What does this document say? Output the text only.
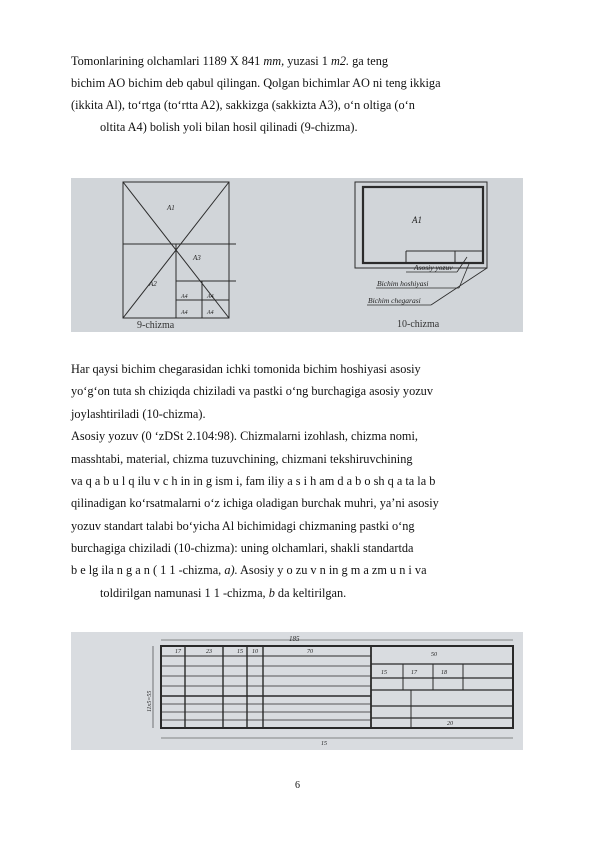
Tomonlarining olchamlari 1189 X 841 mm, yuzasi 1 m2. ga teng
bichim AO bichim deb qabul qilingan. Qolgan bichimlar AO ni teng ikkiga
(ikkita Al), to‘rtga (to‘rtta A2), sakkizga (sakkizta A3), o‘n oltiga (o‘n
oltita A4) bolish yoli bilan hosil qilinadi (9-chizma).
A1
A2
A3
A4	A4
A4	A4
9-chizma
A1
Asosiy yozuv
Bichim hoshiyasi
Bichim chegarasi
10-chizma
Har qaysi bichim chegarasidan ichki tomonida bichim hoshiyasi asosiy
yo‘g‘on tuta sh chiziqda chiziladi va pastki o‘ng burchagiga asosiy yozuv
joylashtiriladi (10-chizma).
Asosiy yozuv (0 ‘zDSt 2.104:98). Chizmalarni izohlash, chizma nomi,
masshtabi, material, chizma tuzuvchining, chizmani tekshiruvchining
va q a b u l q ilu v c h in in g ism i, fam iliy a s i h am d a b o sh q a ta la b
qilinadigan ko‘rsatmalarni o‘z ichiga oladigan burchak muhri, ya’ni asosiy
yozuv standart talabi bo‘yicha Al bichimidagi chizmaning pastki o‘ng
burchagiga chiziladi (10-chizma): uning olchamlari, shakli standartda
b e lg ila n g a n ( 1 1 -chizma, a). Asosiy y o zu v n in g m a zm u n i va
toldirilgan namunasi 1 1 -chizma, b da keltirilgan.
185
17	23	15 10	70	50
15	17	18
20
11x5=55
15
6
